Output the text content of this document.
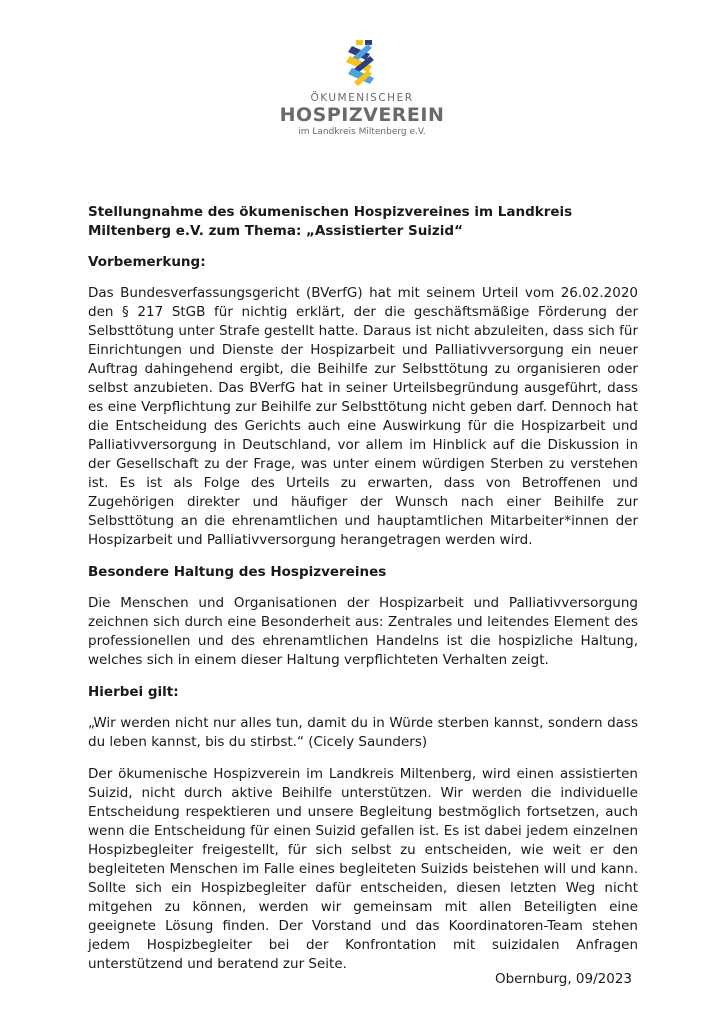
ÖKUMENISCHER
HOSPIZVEREIN
im Landkreis Miltenberg e.V.
Stellungnahme des ökumenischen Hospizvereines im Landkreis Miltenberg e.V. zum Thema: „Assistierter Suizid“
Vorbemerkung:
Das Bundesverfassungsgericht (BVerfG) hat mit seinem Urteil vom 26.02.2020 den § 217 StGB für nichtig erklärt, der die geschäftsmäßige Förderung der Selbsttötung unter Strafe gestellt hatte. Daraus ist nicht abzuleiten, dass sich für Einrichtungen und Dienste der Hospizarbeit und Palliativversorgung ein neuer Auftrag dahingehend ergibt, die Beihilfe zur Selbsttötung zu organisieren oder selbst anzubieten. Das BVerfG hat in seiner Urteilsbegründung ausgeführt, dass es eine Verpflichtung zur Beihilfe zur Selbsttötung nicht geben darf. Dennoch hat die Entscheidung des Gerichts auch eine Auswirkung für die Hospizarbeit und Palliativversorgung in Deutschland, vor allem im Hinblick auf die Diskussion in der Gesellschaft zu der Frage, was unter einem würdigen Sterben zu verstehen ist. Es ist als Folge des Urteils zu erwarten, dass von Betroffenen und Zugehörigen direkter und häufiger der Wunsch nach einer Beihilfe zur Selbsttötung an die ehrenamtlichen und hauptamtlichen Mitarbeiter*innen der Hospizarbeit und Palliativversorgung herangetragen werden wird.
Besondere Haltung des Hospizvereines
Die Menschen und Organisationen der Hospizarbeit und Palliativversorgung zeichnen sich durch eine Besonderheit aus: Zentrales und leitendes Element des professionellen und des ehrenamtlichen Handelns ist die hospizliche Haltung, welches sich in einem dieser Haltung verpflichteten Verhalten zeigt.
Hierbei gilt:
„Wir werden nicht nur alles tun, damit du in Würde sterben kannst, sondern dass du leben kannst, bis du stirbst.“ (Cicely Saunders)
Der ökumenische Hospizverein im Landkreis Miltenberg, wird einen assistierten Suizid, nicht durch aktive Beihilfe unterstützen. Wir werden die individuelle Entscheidung respektieren und unsere Begleitung bestmöglich fortsetzen, auch wenn die Entscheidung für einen Suizid gefallen ist. Es ist dabei jedem einzelnen Hospizbegleiter freigestellt, für sich selbst zu entscheiden, wie weit er den begleiteten Menschen im Falle eines begleiteten Suizids beistehen will und kann. Sollte sich ein Hospizbegleiter dafür entscheiden, diesen letzten Weg nicht mitgehen zu können, werden wir gemeinsam mit allen Beteiligten eine geeignete Lösung finden. Der Vorstand und das Koordinatoren-Team stehen jedem Hospizbegleiter bei der Konfrontation mit suizidalen Anfragen unterstützend und beratend zur Seite.
Obernburg, 09/2023
